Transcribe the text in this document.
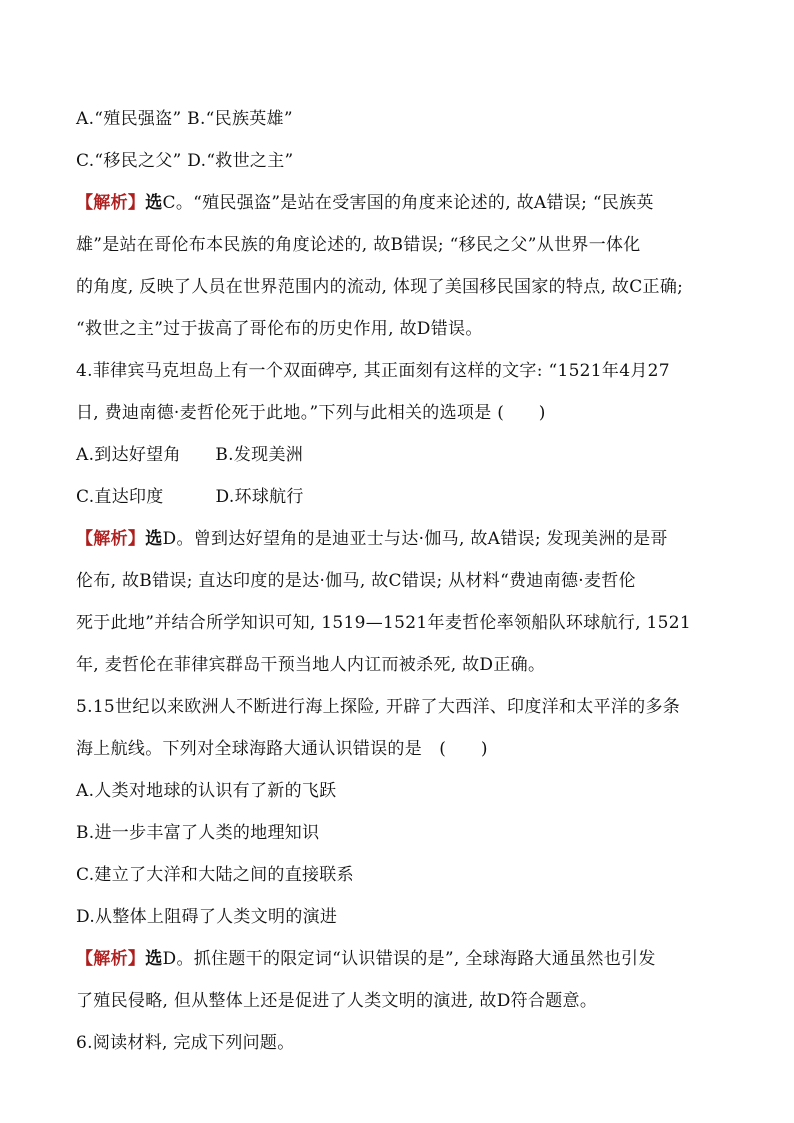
A.“殖民强盗” B.“民族英雄”
C.“移民之父” D.“救世之主”
【解析】选C。“殖民强盗”是站在受害国的角度来论述的, 故A错误; “民族英
雄”是站在哥伦布本民族的角度论述的, 故B错误; “移民之父”从世界一体化
的角度, 反映了人员在世界范围内的流动, 体现了美国移民国家的特点, 故C正确;
“救世之主”过于拔高了哥伦布的历史作用, 故D错误。
4.菲律宾马克坦岛上有一个双面碑亭, 其正面刻有这样的文字: “1521年4月27
日, 费迪南德·麦哲伦死于此地。”下列与此相关的选项是 (　　)
A.到达好望角　　B.发现美洲
C.直达印度　　　D.环球航行
【解析】选D。曾到达好望角的是迪亚士与达·伽马, 故A错误; 发现美洲的是哥
伦布, 故B错误; 直达印度的是达·伽马, 故C错误; 从材料“费迪南德·麦哲伦
死于此地”并结合所学知识可知, 1519—1521年麦哲伦率领船队环球航行, 1521
年, 麦哲伦在菲律宾群岛干预当地人内讧而被杀死, 故D正确。
5.15世纪以来欧洲人不断进行海上探险, 开辟了大西洋、印度洋和太平洋的多条
海上航线。下列对全球海路大通认识错误的是　(　　)
A.人类对地球的认识有了新的飞跃
B.进一步丰富了人类的地理知识
C.建立了大洋和大陆之间的直接联系
D.从整体上阻碍了人类文明的演进
【解析】选D。抓住题干的限定词“认识错误的是”, 全球海路大通虽然也引发
了殖民侵略, 但从整体上还是促进了人类文明的演进, 故D符合题意。
6.阅读材料, 完成下列问题。
